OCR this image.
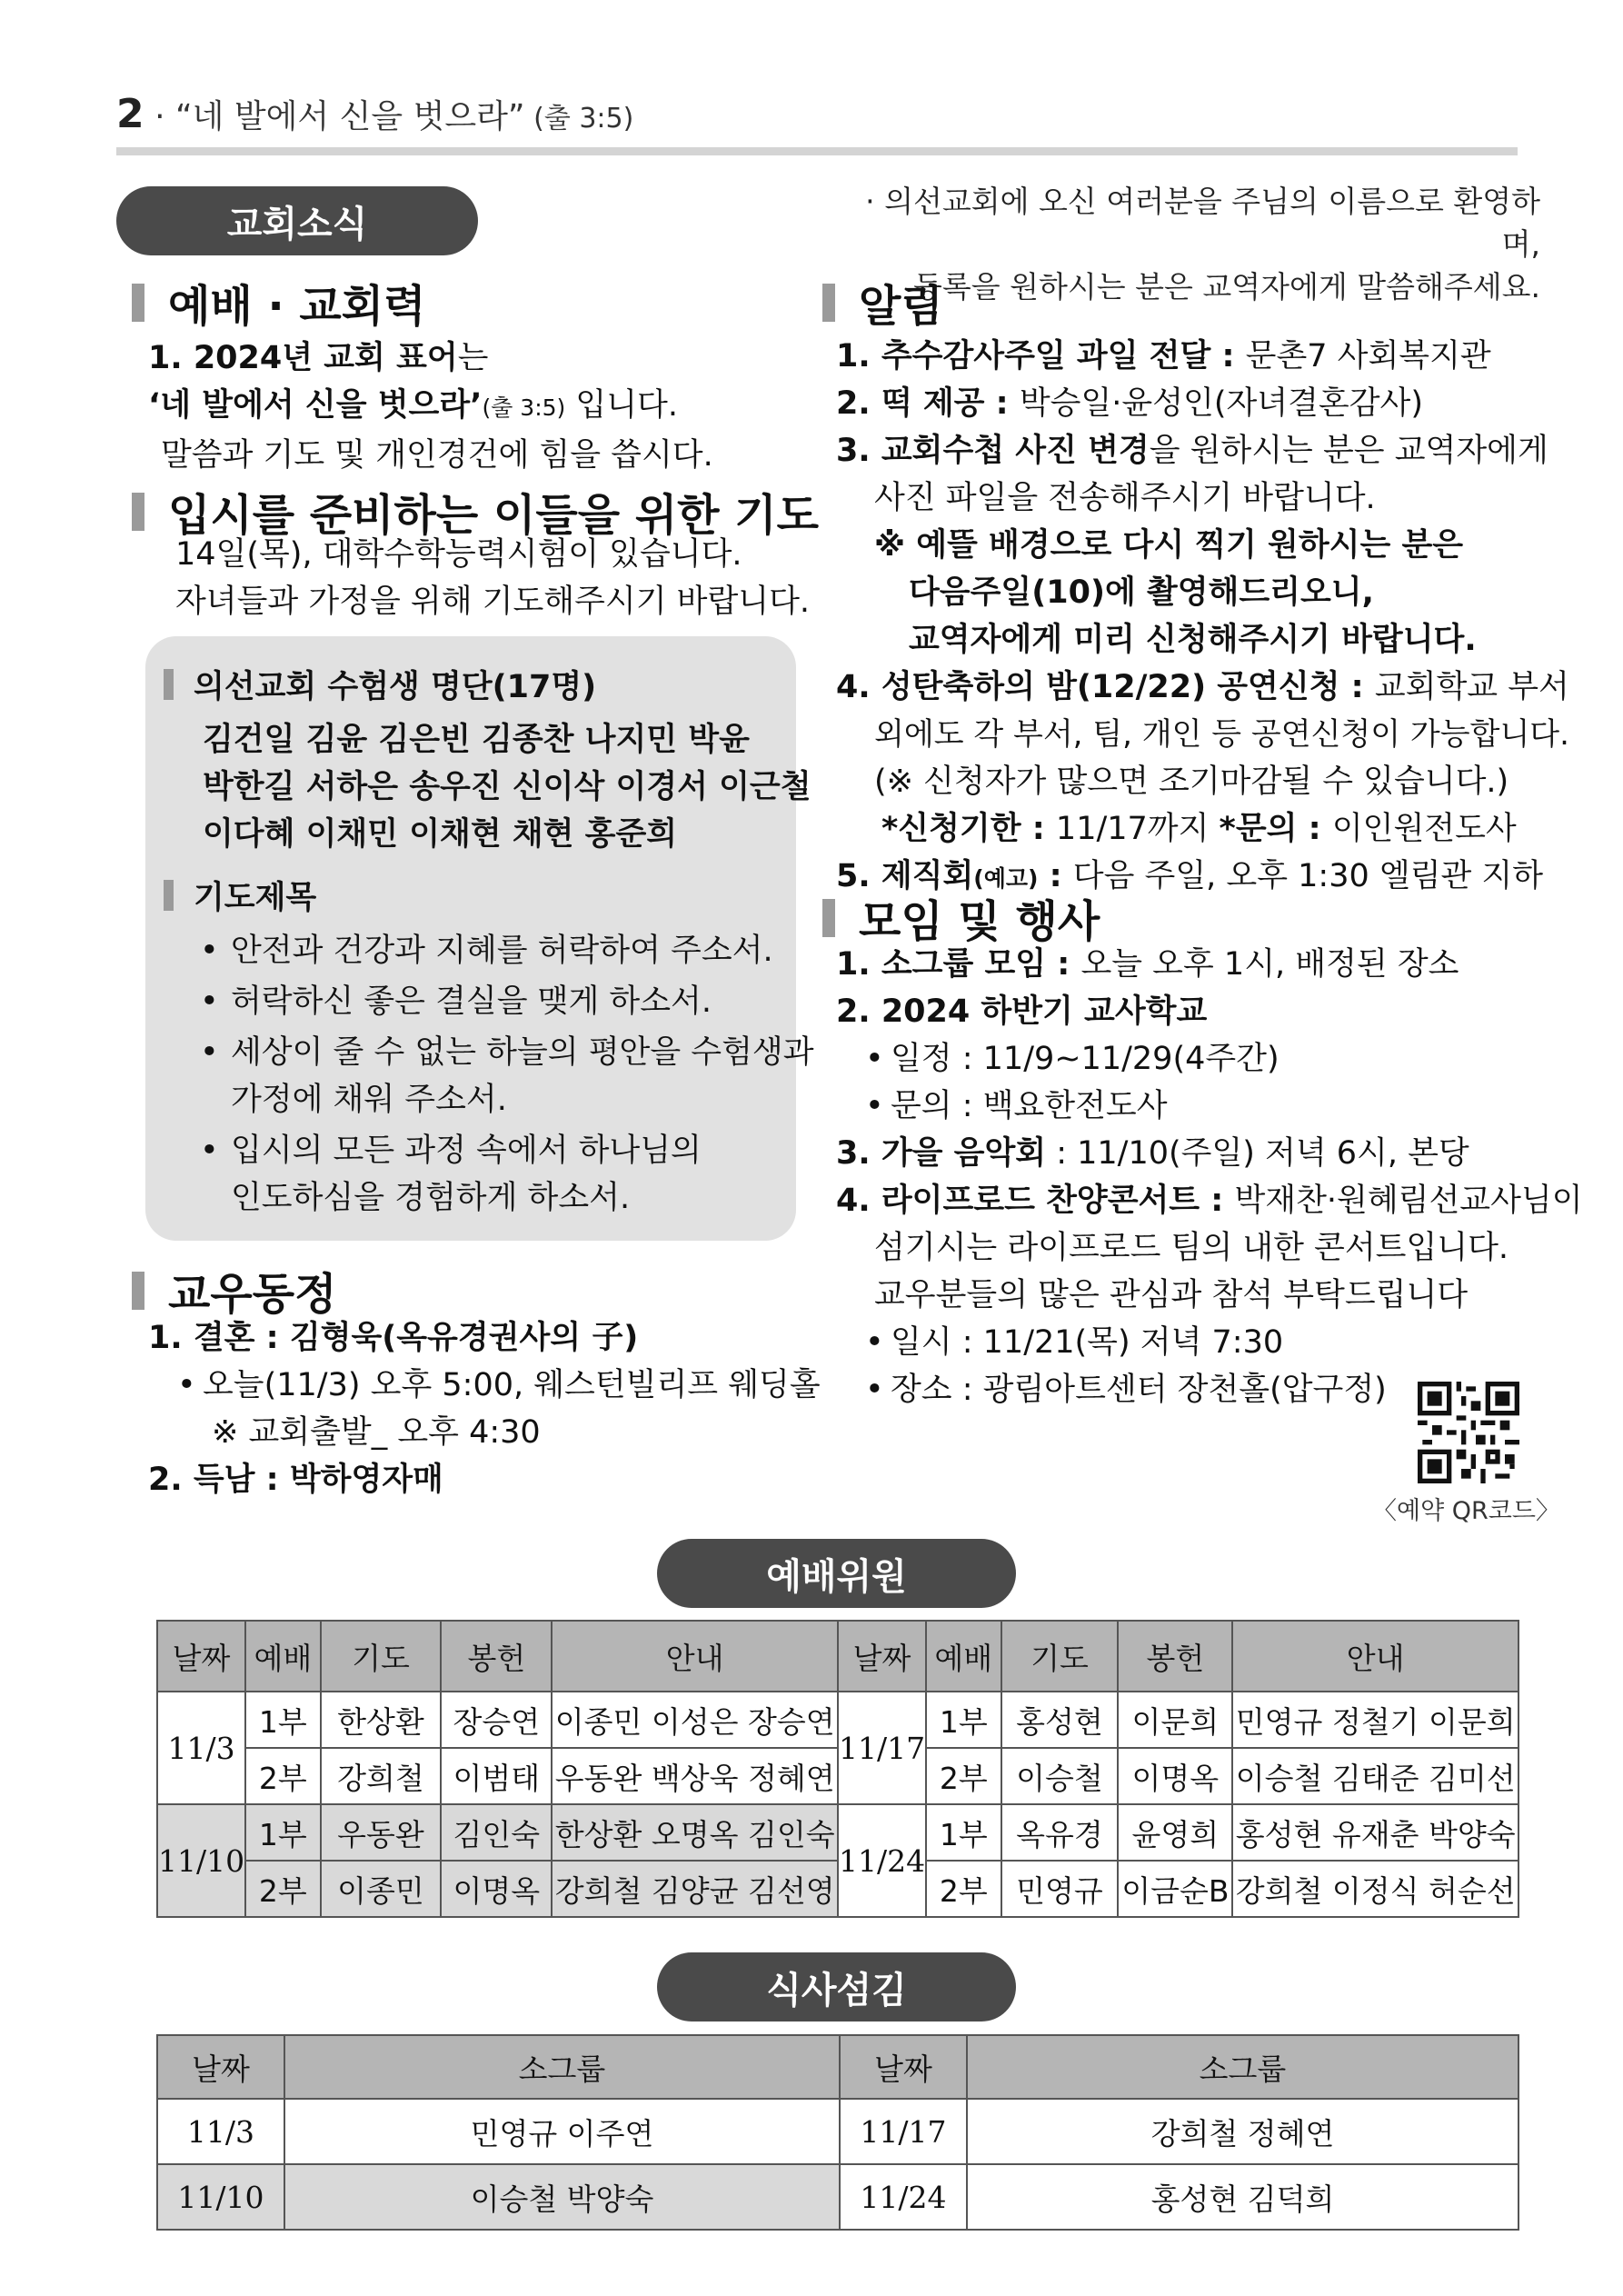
2 · “네 발에서 신을 벗으라” (출 3:5)
교회소식
예배 · 교회력
1. 2024년 교회 표어는
‘네 발에서 신을 벗으라’(출 3:5) 입니다.
말씀과 기도 및 개인경건에 힘을 씁시다.
입시를 준비하는 이들을 위한 기도
14일(목), 대학수학능력시험이 있습니다.
자녀들과 가정을 위해 기도해주시기 바랍니다.
의선교회 수험생 명단(17명)
김건일 김윤 김은빈 김종찬 나지민 박윤
박한길 서하은 송우진 신이삭 이경서 이근철
이다혜 이채민 이채현 채현 홍준희
기도제목
• 안전과 건강과 지혜를 허락하여 주소서.
• 허락하신 좋은 결실을 맺게 하소서.
• 세상이 줄 수 없는 하늘의 평안을 수험생과
가정에 채워 주소서.
• 입시의 모든 과정 속에서 하나님의
인도하심을 경험하게 하소서.
교우동정
1. 결혼 : 김형욱(옥유경권사의 子)
• 오늘(11/3) 오후 5:00, 웨스턴빌리프 웨딩홀
※ 교회출발_ 오후 4:30
2. 득남 : 박하영자매
· 의선교회에 오신 여러분을 주님의 이름으로 환영하며,
등록을 원하시는 분은 교역자에게 말씀해주세요.
알림
1. 추수감사주일 과일 전달 : 문촌7 사회복지관
2. 떡 제공 : 박승일·윤성인(자녀결혼감사)
3. 교회수첩 사진 변경을 원하시는 분은 교역자에게
사진 파일을 전송해주시기 바랍니다.
※ 예뜰 배경으로 다시 찍기 원하시는 분은
다음주일(10)에 촬영해드리오니,
교역자에게 미리 신청해주시기 바랍니다.
4. 성탄축하의 밤(12/22) 공연신청 : 교회학교 부서
외에도 각 부서, 팀, 개인 등 공연신청이 가능합니다.
(※ 신청자가 많으면 조기마감될 수 있습니다.)
*신청기한 : 11/17까지 *문의 : 이인원전도사
5. 제직회(예고) : 다음 주일, 오후 1:30 엘림관 지하
모임 및 행사
1. 소그룹 모임 : 오늘 오후 1시, 배정된 장소
2. 2024 하반기 교사학교
• 일정 : 11/9~11/29(4주간)
• 문의 : 백요한전도사
3. 가을 음악회 : 11/10(주일) 저녁 6시, 본당
4. 라이프로드 찬양콘서트 : 박재찬·원혜림선교사님이
섬기시는 라이프로드 팀의 내한 콘서트입니다.
교우분들의 많은 관심과 참석 부탁드립니다
• 일시 : 11/21(목) 저녁 7:30
• 장소 : 광림아트센터 장천홀(압구정)
〈예약 QR코드〉
예배위원
날짜	예배	기도	봉헌	안내	날짜	예배	기도	봉헌	안내
11/3	1부	한상환	장승연	이종민 이성은 장승연	11/17	1부	홍성현	이문희	민영규 정철기 이문희
	2부	강희철	이범태	우동완 백상욱 정혜연		2부	이승철	이명옥	이승철 김태준 김미선
11/10	1부	우동완	김인숙	한상환 오명옥 김인숙	11/24	1부	옥유경	윤영희	홍성현 유재춘 박양숙
	2부	이종민	이명옥	강희철 김양균 김선영		2부	민영규	이금순B	강희철 이정식 허순선
식사섬김
날짜	소그룹	날짜	소그룹
11/3	민영규 이주연	11/17	강희철 정혜연
11/10	이승철 박양숙	11/24	홍성현 김덕희
